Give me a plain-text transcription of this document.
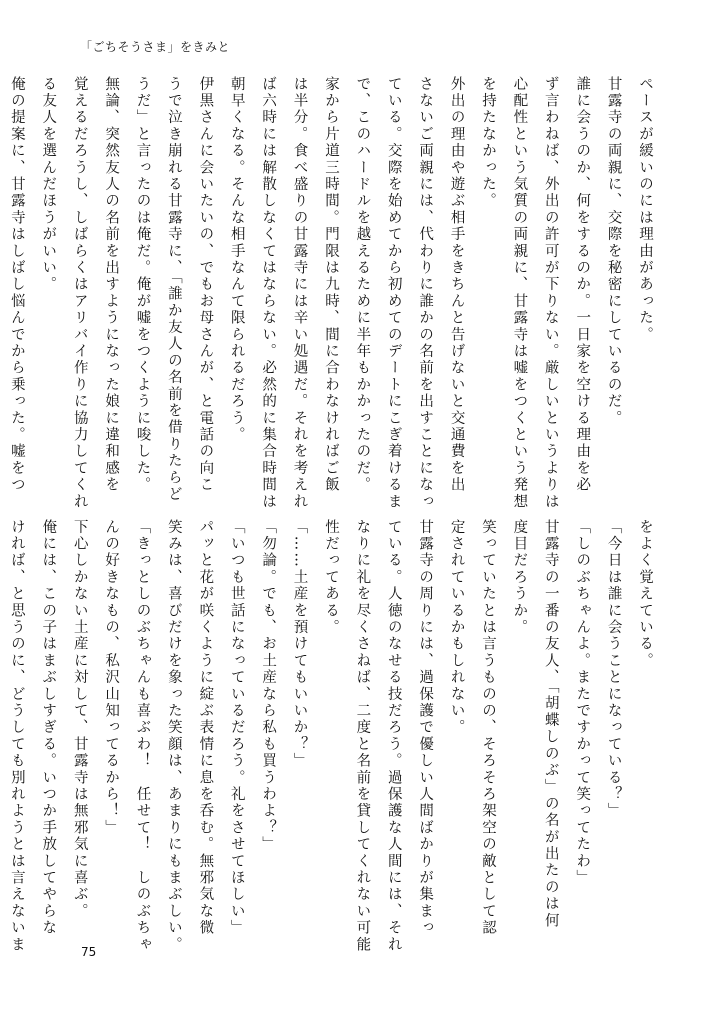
「ごちそうさま」をきみと

ペースが緩いのには理由があった。

甘露寺の両親に、交際を秘密にしているのだ。

誰に会うのか、何をするのか。一日家を空ける理由を必

ず言わねば、外出の許可が下りない。厳しいというよりは

心配性という気質の両親に、甘露寺は嘘をつくという発想

を持たなかった。

外出の理由や遊ぶ相手をきちんと告げないと交通費を出

さないご両親には、代わりに誰かの名前を出すことになっ

ている。交際を始めてから初めてのデートにこぎ着けるま

で、このハードルを越えるために半年もかかったのだ。

家から片道三時間。門限は九時、間に合わなければご飯

は半分。食べ盛りの甘露寺には辛い処遇だ。それを考えれ

ば六時には解散しなくてはならない。必然的に集合時間は

朝早くなる。そんな相手なんて限られるだろう。

伊黒さんに会いたいの、でもお母さんが、と電話の向こ

うで泣き崩れる甘露寺に、「誰か友人の名前を借りたらど

うだ」と言ったのは俺だ。俺が嘘をつくように唆した。

無論、突然友人の名前を出すようになった娘に違和感を

覚えるだろうし、しばらくはアリバイ作りに協力してくれ

る友人を選んだほうがいい。

俺の提案に、甘露寺はしばし悩んでから乗った。嘘をつ

をよく覚えている。

「今日は誰に会うことになっている？」

「しのぶちゃんよ。またですかって笑ってたわ」

甘露寺の一番の友人、「胡蝶しのぶ」の名が出たのは何

度目だろうか。

笑っていたとは言うものの、そろそろ架空の敵として認

定されているかもしれない。

甘露寺の周りには、過保護で優しい人間ばかりが集まっ

ている。人徳のなせる技だろう。過保護な人間には、それ

なりに礼を尽くさねば、二度と名前を貸してくれない可能

性だってある。

「……土産を預けてもいいか？」

「勿論。でも、お土産なら私も買うわよ？」

「いつも世話になっているだろう。礼をさせてほしい」

パッと花が咲くように綻ぶ表情に息を呑む。無邪気な微

笑みは、喜びだけを象った笑顔は、あまりにもまぶしい。

「きっとしのぶちゃんも喜ぶわ！　任せて！　しのぶちゃ

んの好きなもの、私沢山知ってるから！」

下心しかない土産に対して、甘露寺は無邪気に喜ぶ。

俺には、この子はまぶしすぎる。いつか手放してやらな

ければ、と思うのに、どうしても別れようとは言えないま	75
